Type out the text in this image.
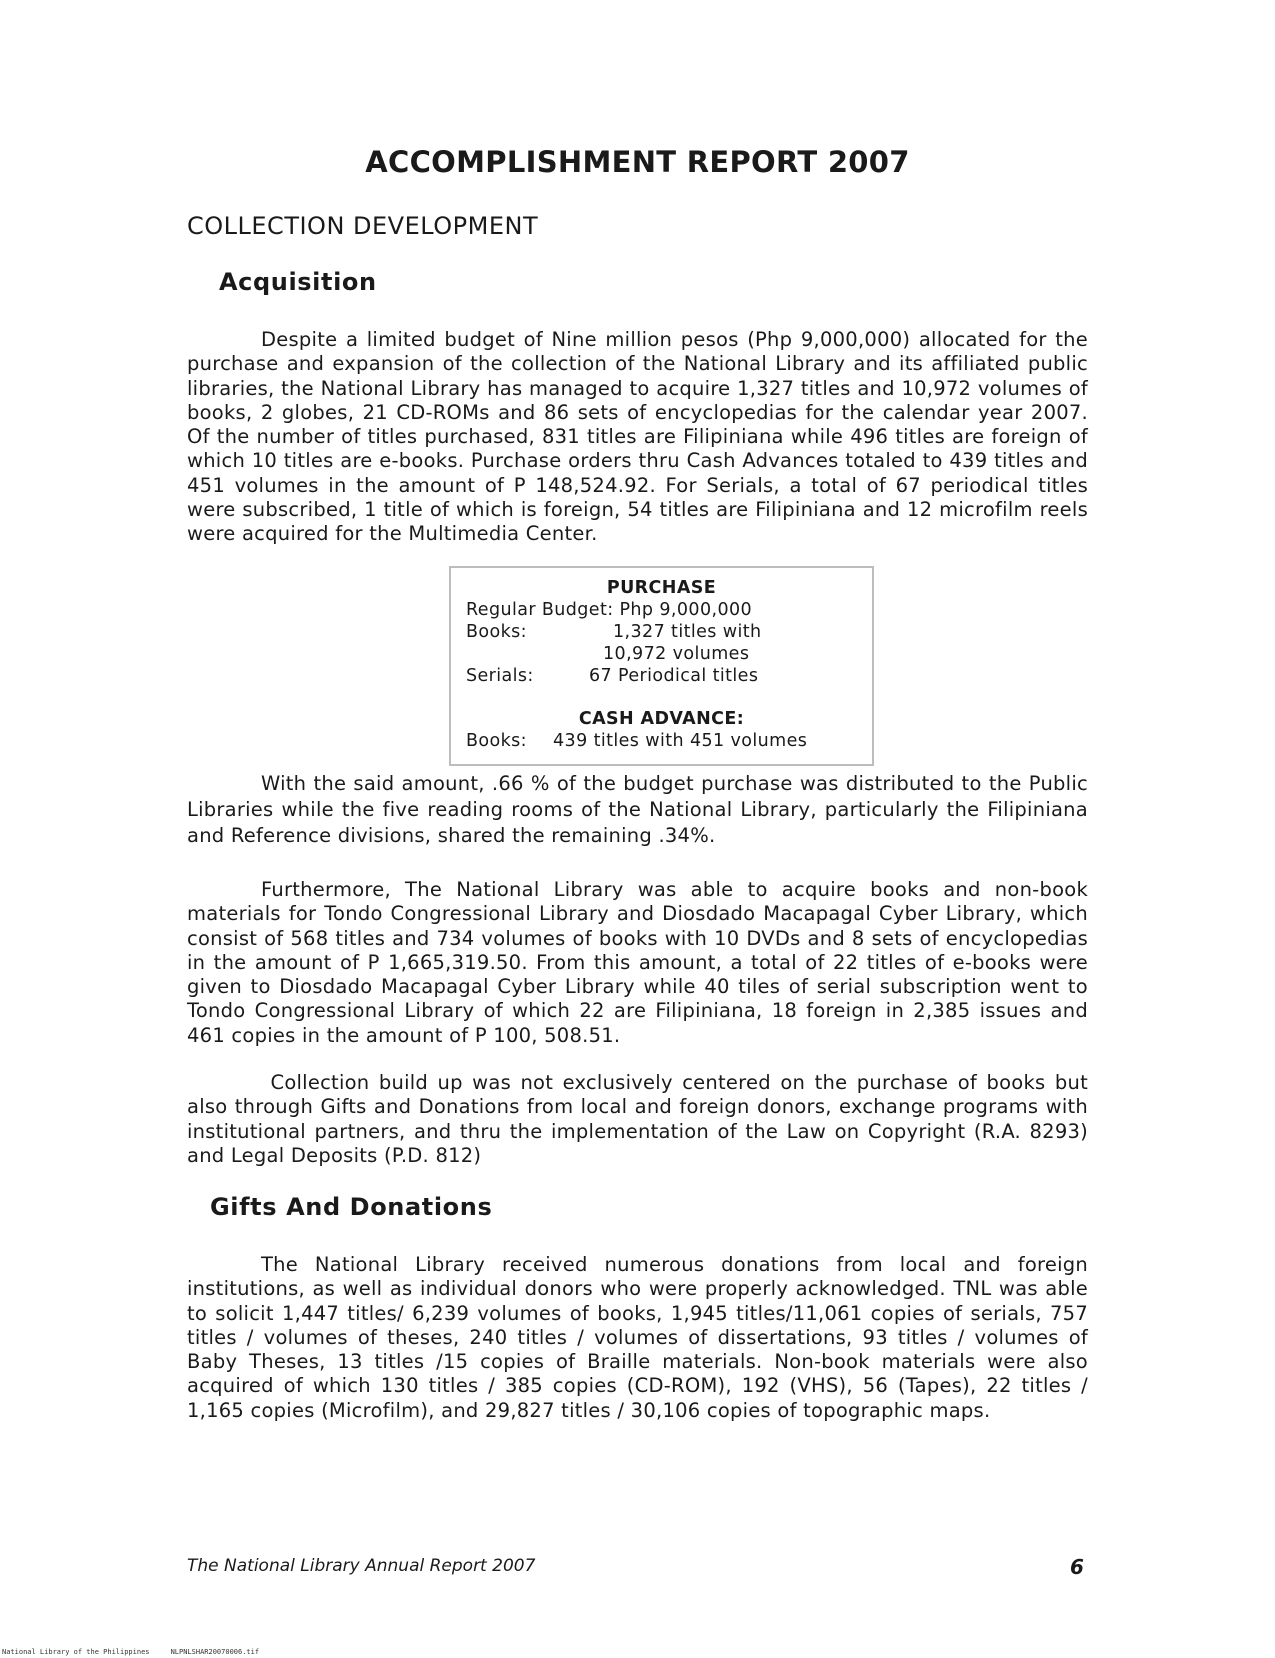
ACCOMPLISHMENT REPORT 2007
COLLECTION DEVELOPMENT
Acquisition

Despite a limited budget of Nine million pesos (Php 9,000,000) allocated for the purchase and expansion of the collection of the National Library and its affiliated public libraries, the National Library has managed to acquire 1,327 titles and 10,972 volumes of books, 2 globes, 21 CD-ROMs and 86 sets of encyclopedias for the calendar year 2007. Of the number of titles purchased, 831 titles are Filipiniana while 496 titles are foreign of which 10 titles are e-books. Purchase orders thru Cash Advances totaled to 439 titles and 451 volumes in the amount of P 148,524.92. For Serials, a total of 67 periodical titles were subscribed, 1 title of which is foreign, 54 titles are Filipiniana and 12 microfilm reels were acquired for the Multimedia Center.

PURCHASE
Regular Budget: Php 9,000,000
Books:	1,327 titles with
10,972 volumes
Serials:	67 Periodical titles
CASH ADVANCE:
Books: 439 titles with 451 volumes

With the said amount, .66 % of the budget purchase was distributed to the Public Libraries while the five reading rooms of the National Library, particularly the Filipiniana and Reference divisions, shared the remaining .34%.

Furthermore, The National Library was able to acquire books and non-book materials for Tondo Congressional Library and Diosdado Macapagal Cyber Library, which consist of 568 titles and 734 volumes of books with 10 DVDs and 8 sets of encyclopedias in the amount of P 1,665,319.50. From this amount, a total of 22 titles of e-books were given to Diosdado Macapagal Cyber Library while 40 tiles of serial subscription went to Tondo Congressional Library of which 22 are Filipiniana, 18 foreign in 2,385 issues and 461 copies in the amount of P 100, 508.51.

Collection build up was not exclusively centered on the purchase of books but also through Gifts and Donations from local and foreign donors, exchange programs with institutional partners, and thru the implementation of the Law on Copyright (R.A. 8293) and Legal Deposits (P.D. 812)

Gifts And Donations

The National Library received numerous donations from local and foreign institutions, as well as individual donors who were properly acknowledged. TNL was able to solicit 1,447 titles/ 6,239 volumes of books, 1,945 titles/11,061 copies of serials, 757 titles / volumes of theses, 240 titles / volumes of dissertations, 93 titles / volumes of Baby Theses, 13 titles /15 copies of Braille materials. Non-book materials were also acquired of which 130 titles / 385 copies (CD-ROM), 192 (VHS), 56 (Tapes), 22 titles / 1,165 copies (Microfilm), and 29,827 titles / 30,106 copies of topographic maps.

The National Library Annual Report 2007	6
National Library of the Philippines     NLPNLSHAR20070006.tif
